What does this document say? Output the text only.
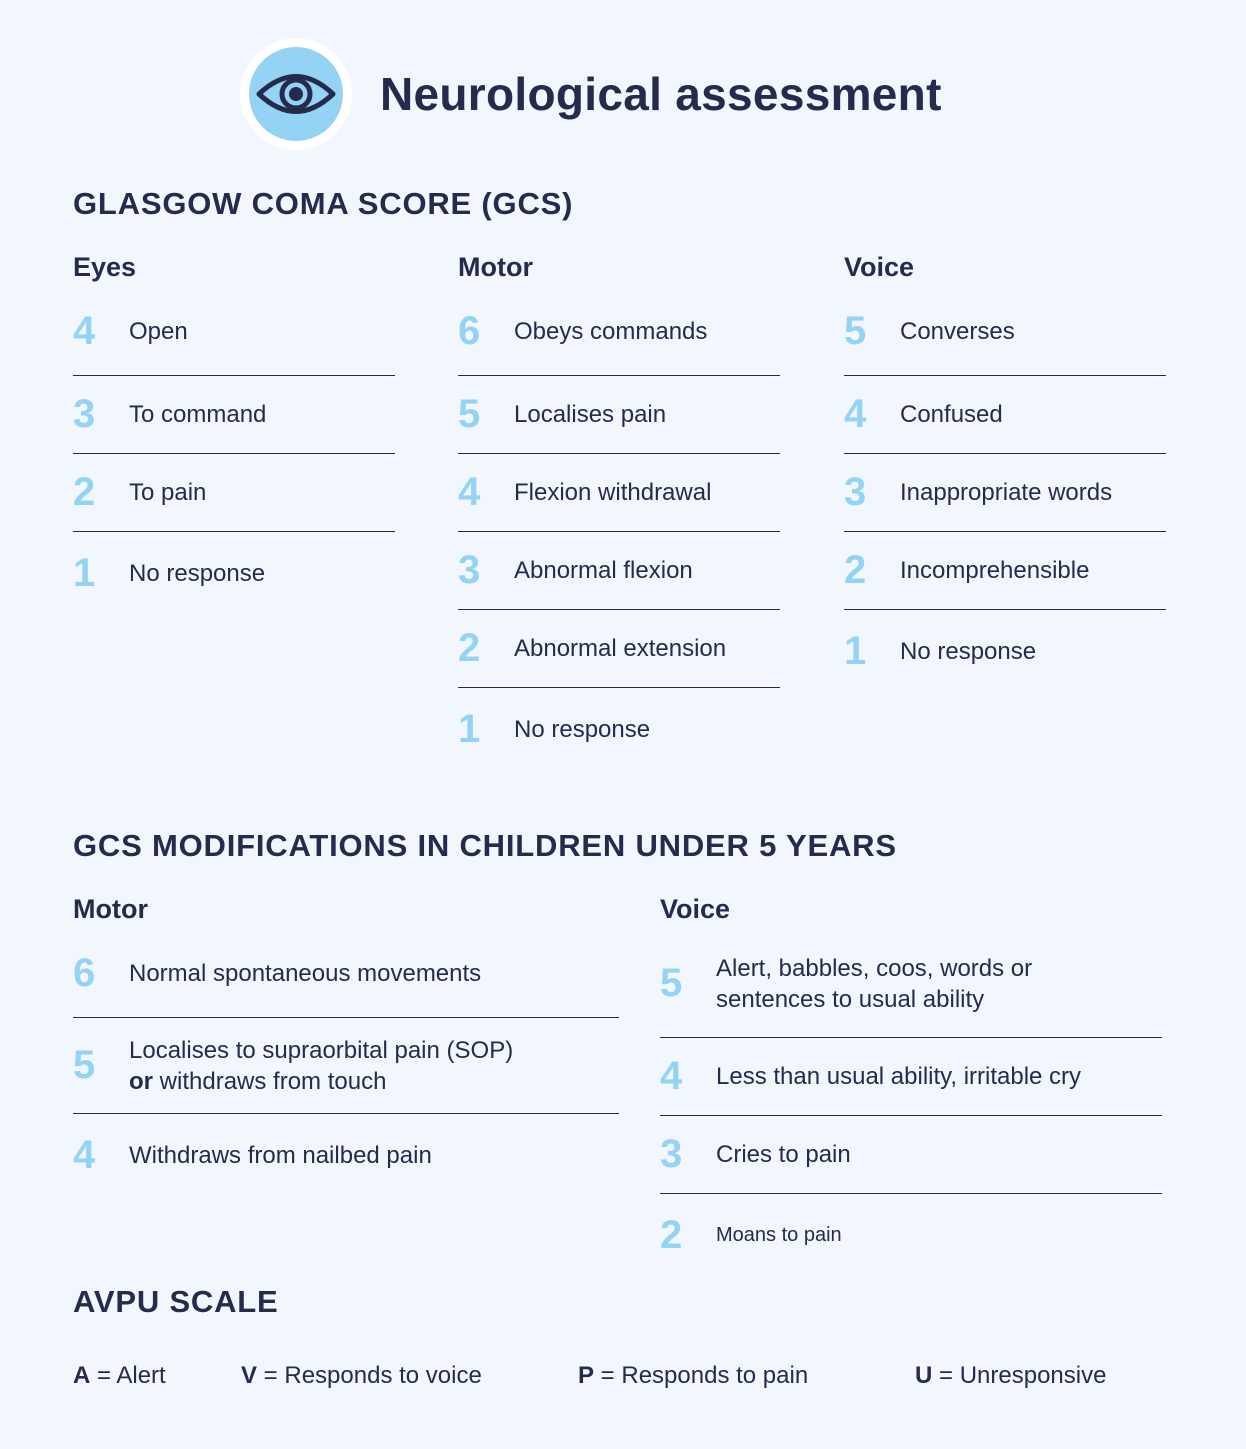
Neurological assessment
GLASGOW COMA SCORE (GCS)
Eyes
4	Open
3	To command
2	To pain
1	No response
Motor
6	Obeys commands
5	Localises pain
4	Flexion withdrawal
3	Abnormal flexion
2	Abnormal extension
1	No response
Voice
5	Converses
4	Confused
3	Inappropriate words
2	Incomprehensible
1	No response
GCS MODIFICATIONS IN CHILDREN UNDER 5 YEARS
Motor
6	Normal spontaneous movements
5	Localises to supraorbital pain (SOP)
or withdraws from touch
4	Withdraws from nailbed pain
Voice
5	Alert, babbles, coos, words or
sentences to usual ability
4	Less than usual ability, irritable cry
3	Cries to pain
2	Moans to pain
AVPU SCALE
A = Alert	V = Responds to voice	P = Responds to pain	U = Unresponsive
